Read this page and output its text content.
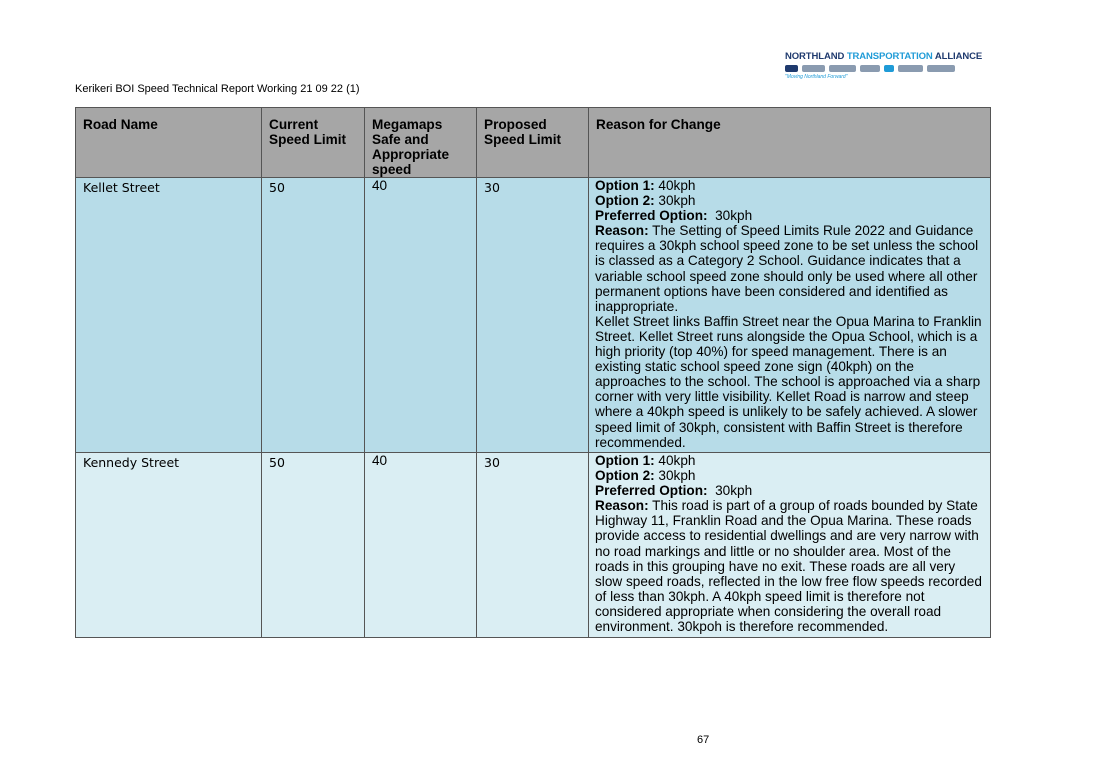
Kerikeri BOI Speed Technical Report Working 21 09 22 (1)
NORTHLAND TRANSPORTATION ALLIANCE
"Moving Northland Forward"
Road Name	Current Speed Limit	Megamaps Safe and Appropriate speed	Proposed Speed Limit	Reason for Change
Kellet Street	50	40	30	Option 1: 40kph

Option 2: 30kph

Preferred Option:  30kph

Reason: The Setting of Speed Limits Rule 2022 and Guidance requires a 30kph school speed zone to be set unless the school is classed as a Category 2 School. Guidance indicates that a variable school speed zone should only be used where all other permanent options have been considered and identified as inappropriate.

Kellet Street links Baffin Street near the Opua Marina to Franklin Street. Kellet Street runs alongside the Opua School, which is a high priority (top 40%) for speed management. There is an existing static school speed zone sign (40kph) on the approaches to the school. The school is approached via a sharp corner with very little visibility. Kellet Road is narrow and steep where a 40kph speed is unlikely to be safely achieved. A slower speed limit of 30kph, consistent with Baffin Street is therefore recommended.

Kennedy Street	50	40	30	Option 1: 40kph

Option 2: 30kph

Preferred Option:  30kph

Reason: This road is part of a group of roads bounded by State Highway 11, Franklin Road and the Opua Marina. These roads provide access to residential dwellings and are very narrow with no road markings and little or no shoulder area. Most of the roads in this grouping have no exit. These roads are all very slow speed roads, reflected in the low free flow speeds recorded of less than 30kph. A 40kph speed limit is therefore not considered appropriate when considering the overall road environment. 30kpoh is therefore recommended.

67
